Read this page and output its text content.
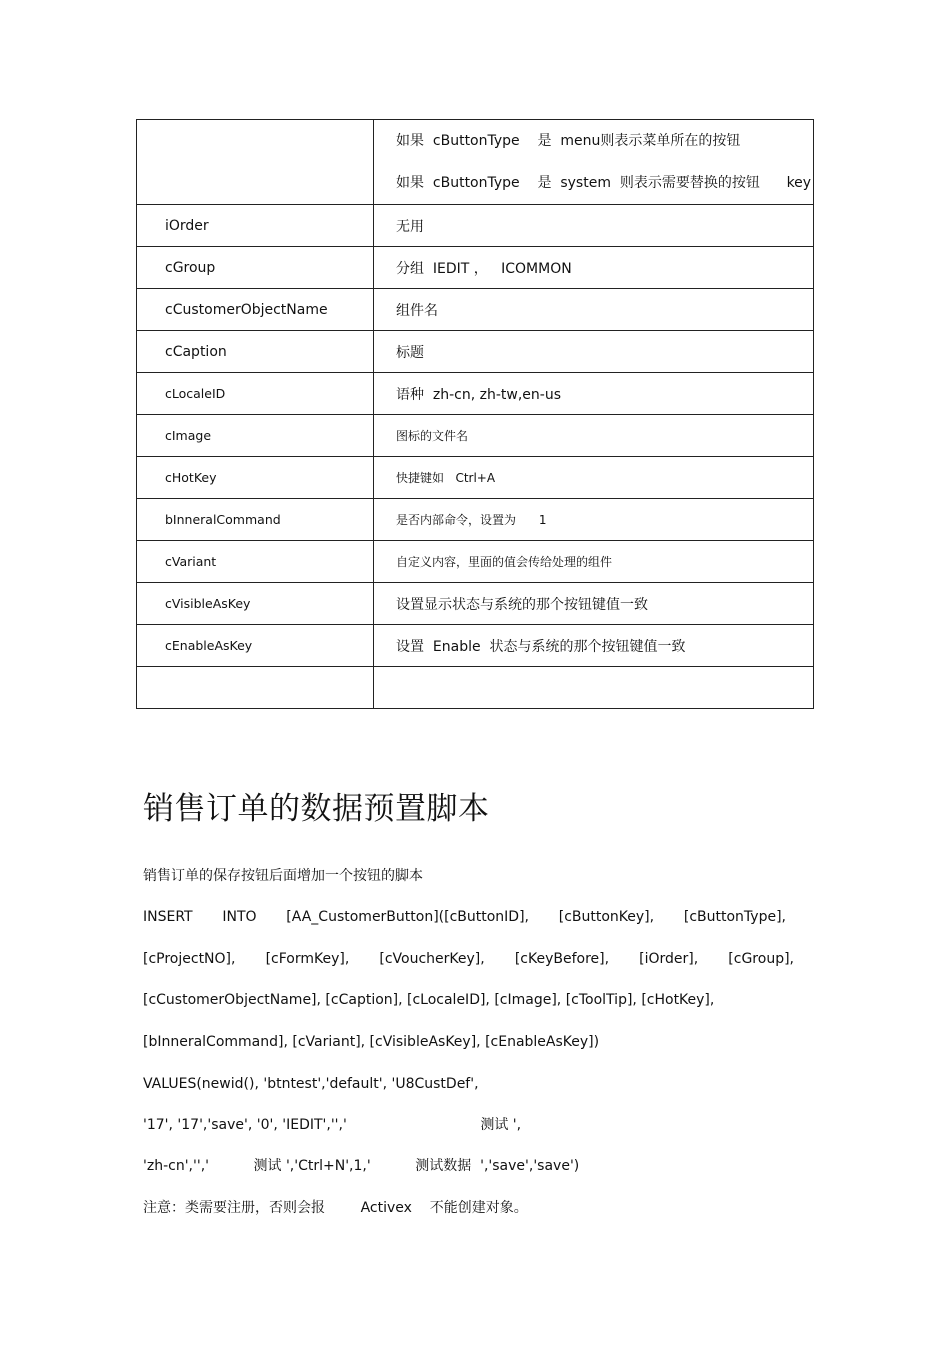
	如果  cButtonType    是  menu则表示菜单所在的按钮
如果  cButtonType    是  system  则表示需要替换的按钮      key

iOrder	无用
cGroup	分组  IEDIT ，   ICOMMON
cCustomerObjectName	组件名
cCaption	标题
cLocaleID	语种  zh-cn, zh-tw,en-us
cImage	图标的文件名
cHotKey	快捷键如   Ctrl+A
bInneralCommand	是否内部命令，设置为      1
cVariant	自定义内容，里面的值会传给处理的组件
cVisibleAsKey	设置显示状态与系统的那个按钮键值一致
cEnableAsKey	设置  Enable  状态与系统的那个按钮键值一致

销售订单的数据预置脚本

销售订单的保存按钮后面增加一个按钮的脚本

INSERT INTO [AA_CustomerButton]([cButtonID], [cButtonKey], [cButtonType],
[cProjectNO], [cFormKey], [cVoucherKey], [cKeyBefore], [iOrder], [cGroup],

[cCustomerObjectName], [cCaption], [cLocaleID], [cImage], [cToolTip], [cHotKey],

[bInneralCommand], [cVariant], [cVisibleAsKey], [cEnableAsKey])

VALUES(newid(), 'btntest','default', 'U8CustDef',

'17', '17','save', '0', 'IEDIT','','                              测试 ',

'zh-cn','','          测试 ','Ctrl+N',1,'          测试数据  ','save','save')

注意：类需要注册，否则会报        Activex    不能创建对象。
